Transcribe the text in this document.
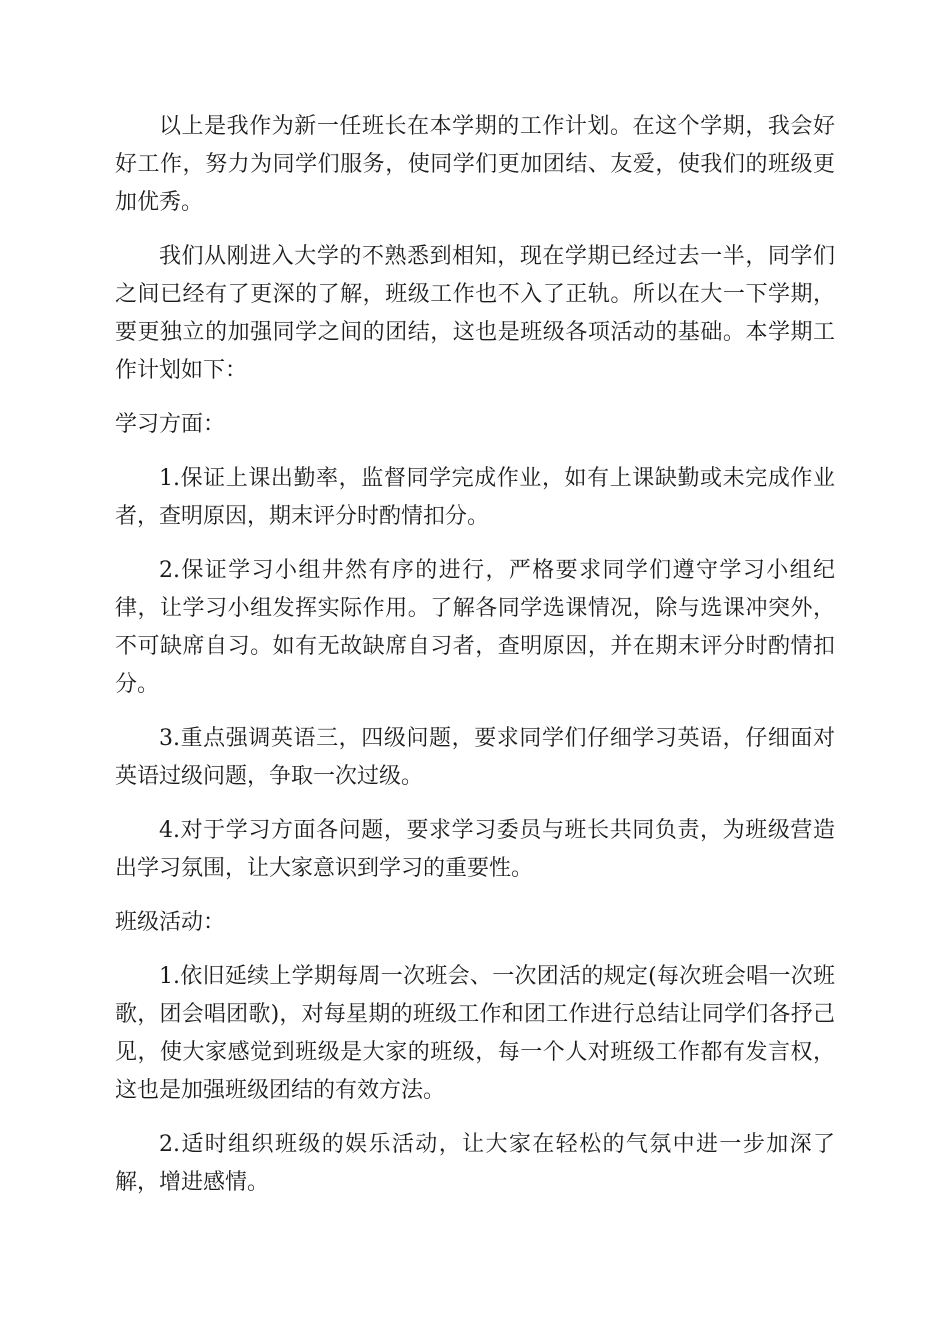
以上是我作为新一任班长在本学期的工作计划。在这个学期，我会好好工作，努力为同学们服务，使同学们更加团结、友爱，使我们的班级更加优秀。

我们从刚进入大学的不熟悉到相知，现在学期已经过去一半，同学们之间已经有了更深的了解，班级工作也不入了正轨。所以在大一下学期，要更独立的加强同学之间的团结，这也是班级各项活动的基础。本学期工作计划如下：

学习方面：

1.保证上课出勤率，监督同学完成作业，如有上课缺勤或未完成作业者，查明原因，期末评分时酌情扣分。

2.保证学习小组井然有序的进行，严格要求同学们遵守学习小组纪律，让学习小组发挥实际作用。了解各同学选课情况，除与选课冲突外，不可缺席自习。如有无故缺席自习者，查明原因，并在期末评分时酌情扣分。

3.重点强调英语三，四级问题，要求同学们仔细学习英语，仔细面对英语过级问题，争取一次过级。

4.对于学习方面各问题，要求学习委员与班长共同负责，为班级营造出学习氛围，让大家意识到学习的重要性。

班级活动：

1.依旧延续上学期每周一次班会、一次团活的规定(每次班会唱一次班歌，团会唱团歌)，对每星期的班级工作和团工作进行总结让同学们各抒己见，使大家感觉到班级是大家的班级，每一个人对班级工作都有发言权，这也是加强班级团结的有效方法。

2.适时组织班级的娱乐活动，让大家在轻松的气氛中进一步加深了解，增进感情。
